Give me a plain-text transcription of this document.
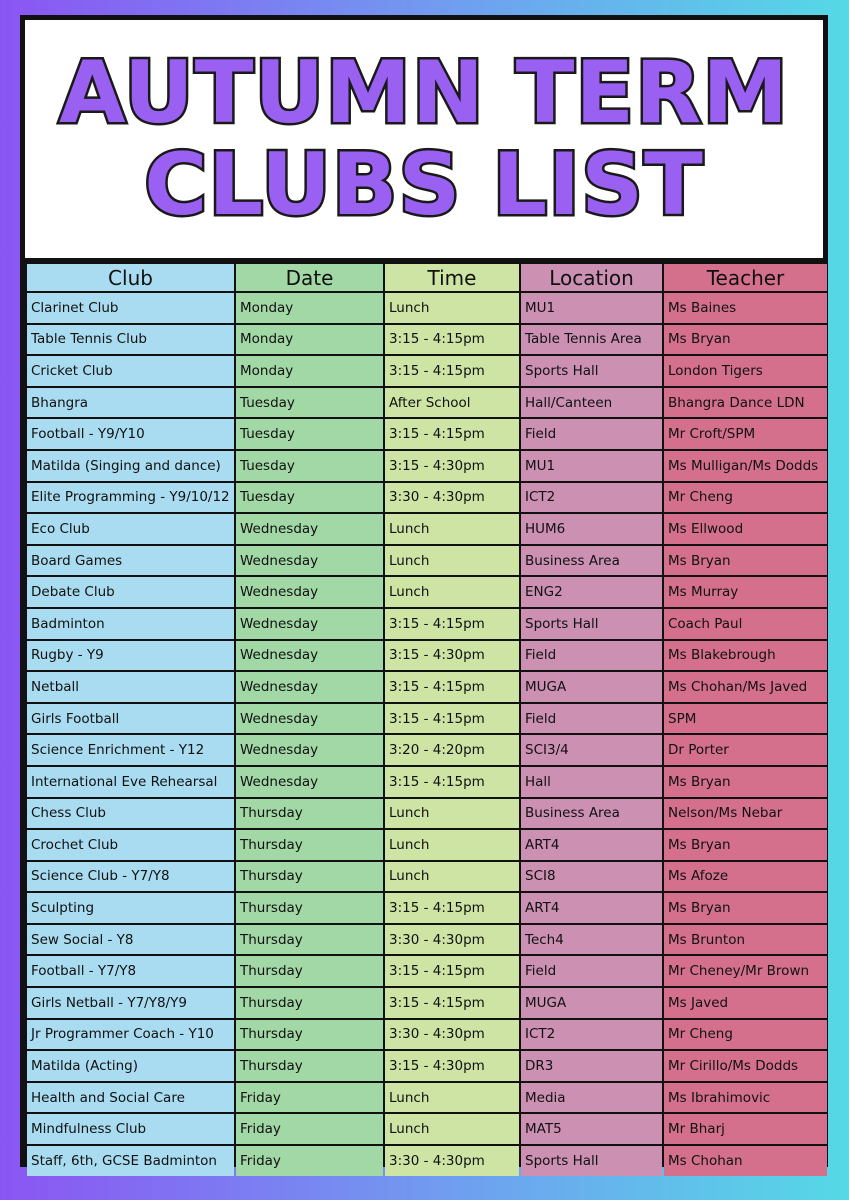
AUTUMN TERM
CLUBS LIST
Club	Date	Time	Location	Teacher
Clarinet Club	Monday	Lunch	MU1	Ms Baines
Table Tennis Club	Monday	3:15 - 4:15pm	Table Tennis Area	Ms Bryan
Cricket Club	Monday	3:15 - 4:15pm	Sports Hall	London Tigers
Bhangra	Tuesday	After School	Hall/Canteen	Bhangra Dance LDN
Football - Y9/Y10	Tuesday	3:15 - 4:15pm	Field	Mr Croft/SPM
Matilda (Singing and dance)	Tuesday	3:15 - 4:30pm	MU1	Ms Mulligan/Ms Dodds
Elite Programming - Y9/10/12	Tuesday	3:30 - 4:30pm	ICT2	Mr Cheng
Eco Club	Wednesday	Lunch	HUM6	Ms Ellwood
Board Games	Wednesday	Lunch	Business Area	Ms Bryan
Debate Club	Wednesday	Lunch	ENG2	Ms Murray
Badminton	Wednesday	3:15 - 4:15pm	Sports Hall	Coach Paul
Rugby - Y9	Wednesday	3:15 - 4:30pm	Field	Ms Blakebrough
Netball	Wednesday	3:15 - 4:15pm	MUGA	Ms Chohan/Ms Javed
Girls Football	Wednesday	3:15 - 4:15pm	Field	SPM
Science Enrichment - Y12	Wednesday	3:20 - 4:20pm	SCI3/4	Dr Porter
International Eve Rehearsal	Wednesday	3:15 - 4:15pm	Hall	Ms Bryan
Chess Club	Thursday	Lunch	Business Area	Nelson/Ms Nebar
Crochet Club	Thursday	Lunch	ART4	Ms Bryan
Science Club - Y7/Y8	Thursday	Lunch	SCI8	Ms Afoze
Sculpting	Thursday	3:15 - 4:15pm	ART4	Ms Bryan
Sew Social - Y8	Thursday	3:30 - 4:30pm	Tech4	Ms Brunton
Football - Y7/Y8	Thursday	3:15 - 4:15pm	Field	Mr Cheney/Mr Brown
Girls Netball - Y7/Y8/Y9	Thursday	3:15 - 4:15pm	MUGA	Ms Javed
Jr Programmer Coach - Y10	Thursday	3:30 - 4:30pm	ICT2	Mr Cheng
Matilda (Acting)	Thursday	3:15 - 4:30pm	DR3	Mr Cirillo/Ms Dodds
Health and Social Care	Friday	Lunch	Media	Ms Ibrahimovic
Mindfulness Club	Friday	Lunch	MAT5	Mr Bharj
Staff, 6th, GCSE Badminton	Friday	3:30 - 4:30pm	Sports Hall	Ms Chohan
